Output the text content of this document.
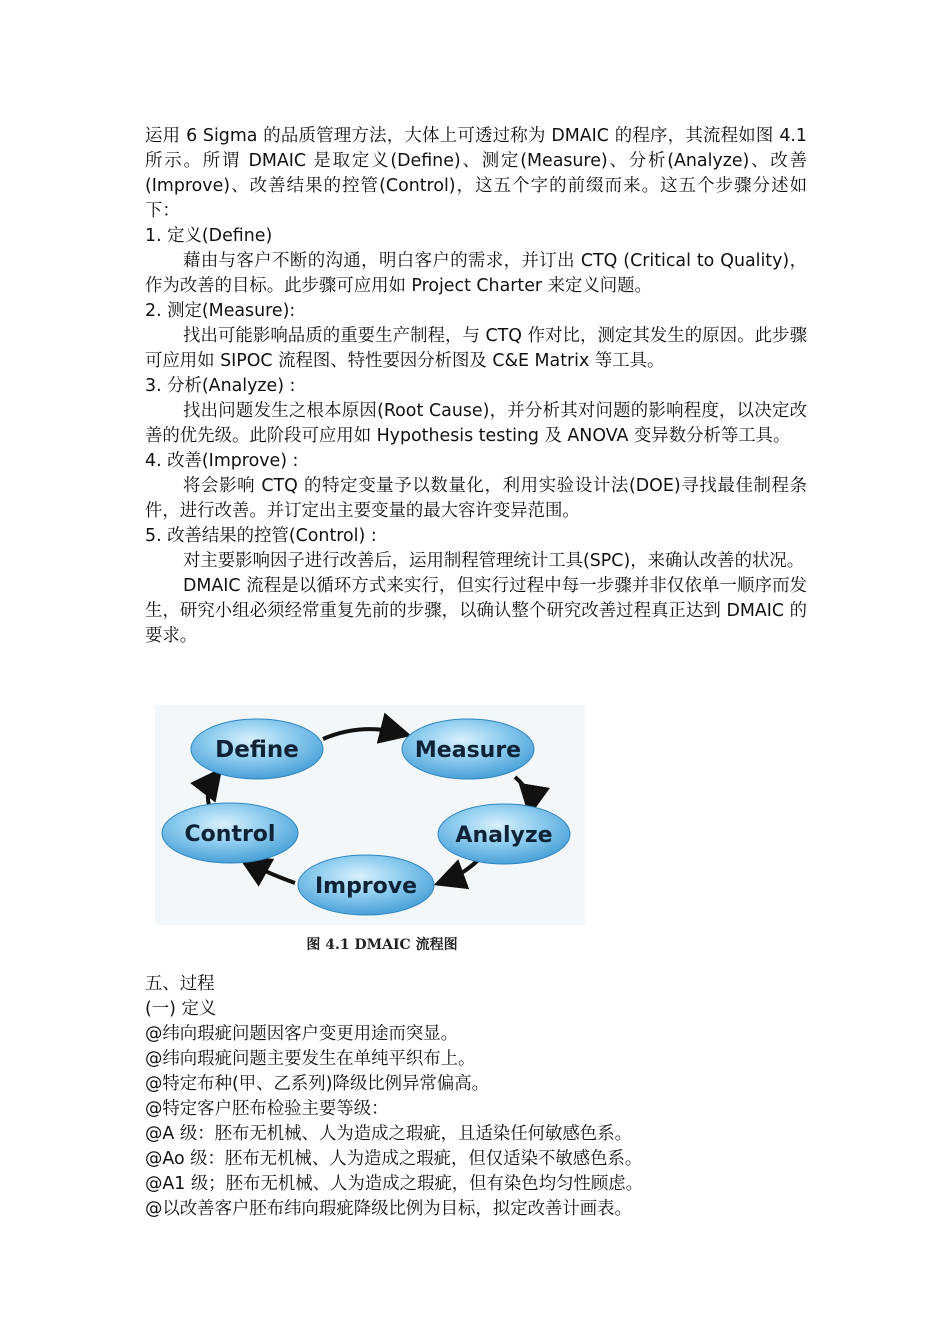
运用 6 Sigma 的品质管理方法，大体上可透过称为 DMAIC 的程序，其流程如图 4.1 所示。所谓 DMAIC 是取定义(Define)、测定(Measure)、分析(Analyze)、改善(Improve)、改善结果的控管(Control)，这五个字的前缀而来。这五个步骤分述如下：

1. 定义(Define)

藉由与客户不断的沟通，明白客户的需求，并订出 CTQ (Critical to Quality)，作为改善的目标。此步骤可应用如 Project Charter 来定义问题。

2. 测定(Measure):

找出可能影响品质的重要生产制程，与 CTQ 作对比，测定其发生的原因。此步骤可应用如 SIPOC 流程图、特性要因分析图及 C&E Matrix 等工具。

3. 分析(Analyze) :

找出问题发生之根本原因(Root Cause)，并分析其对问题的影响程度，以决定改善的优先级。此阶段可应用如 Hypothesis testing 及 ANOVA 变异数分析等工具。

4. 改善(Improve) :

将会影响 CTQ 的特定变量予以数量化，利用实验设计法(DOE)寻找最佳制程条件，进行改善。并订定出主要变量的最大容许变异范围。

5. 改善结果的控管(Control) :

对主要影响因子进行改善后，运用制程管理统计工具(SPC)，来确认改善的状况。

DMAIC 流程是以循环方式来实行，但实行过程中每一步骤并非仅依单一顺序而发生，研究小组必须经常重复先前的步骤，以确认整个研究改善过程真正达到 DMAIC 的要求。

Define	Measure
Analyze
Improve
Control
图 4.1 DMAIC 流程图

五、过程

(一) 定义

@纬向瑕疵问题因客户变更用途而突显。

@纬向瑕疵问题主要发生在单纯平织布上。

@特定布种(甲、乙系列)降级比例异常偏高。

@特定客户胚布检验主要等级：

@A 级：胚布无机械、人为造成之瑕疵，且适染任何敏感色系。

@Ao 级：胚布无机械、人为造成之瑕疵，但仅适染不敏感色系。

@A1 级；胚布无机械、人为造成之瑕疵，但有染色均匀性顾虑。

@以改善客户胚布纬向瑕疵降级比例为目标，拟定改善计画表。
